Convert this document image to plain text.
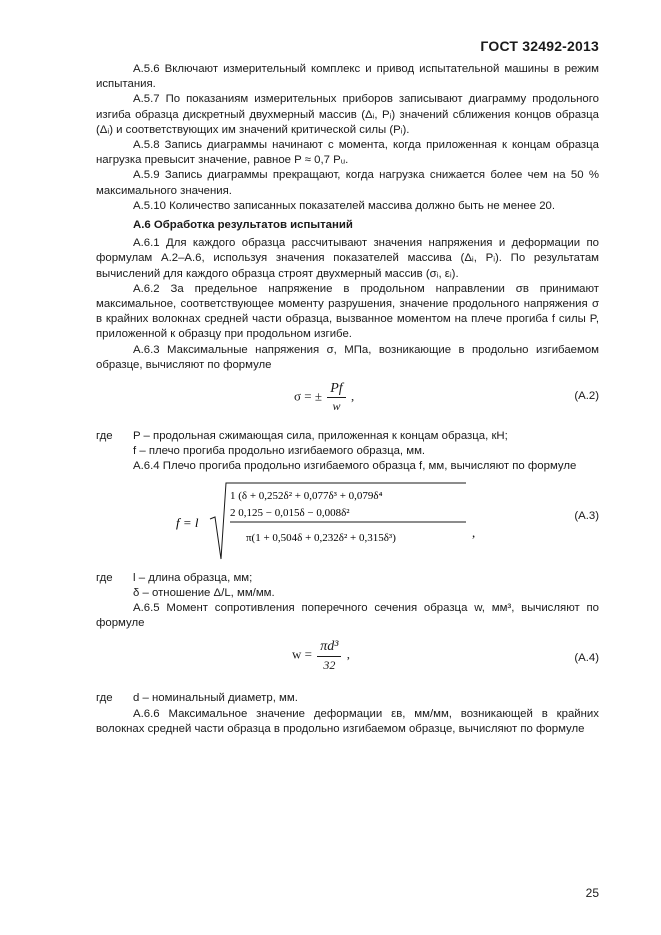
ГОСТ 32492-2013

А.5.6 Включают измерительный комплекс и привод испытательной машины в режим испытания.

А.5.7 По показаниям измерительных приборов записывают диаграмму продольного изгиба образца дискретный двухмерный массив (Δᵢ, Pᵢ) значений сближения концов образца (Δᵢ) и соответствующих им значений критической силы (Pᵢ).

А.5.8 Запись диаграммы начинают с момента, когда приложенная к концам образца нагрузка превысит значение, равное P ≈ 0,7 Pᵤ.

А.5.9 Запись диаграммы прекращают, когда нагрузка снижается более чем на 50 % максимального значения.

А.5.10 Количество записанных показателей массива должно быть не менее 20.

А.6 Обработка результатов испытаний

А.6.1 Для каждого образца рассчитывают значения напряжения и деформации по формулам А.2–А.6, используя значения показателей массива (Δᵢ, Pᵢ). По результатам вычислений для каждого образца строят двухмерный массив (σᵢ, εᵢ).

А.6.2 За предельное напряжение в продольном направлении σв принимают максимальное, соответствующее моменту разрушения, значение продольного напряжения σ в крайних волокнах средней части образца, вызванное моментом на плече прогиба f силы P, приложенной к образцу при продольном изгибе.

А.6.3 Максимальные напряжения σ, МПа, возникающие в продольно изгибаемом образце, вычисляют по формуле

σ = ± $\frac{Pf}{w}$ ,	(А.2)
где P – продольная сжимающая сила, приложенная к концам образца, кН;

f – плечо прогиба продольно изгибаемого образца, мм.

А.6.4 Плечо прогиба продольно изгибаемого образца f, мм, вычисляют по формуле

f = l
1 (δ + 0,252δ² + 0,077δ³ + 0,079δ⁴
2 0,125 − 0,015δ − 0,008δ²
π(1 + 0,504δ + 0,232δ² + 0,315δ³)	,
(А.3)
где l – длина образца, мм;

δ – отношение Δ/L, мм/мм.

А.6.5 Момент сопротивления поперечного сечения образца w, мм³, вычисляют по формуле

$w = \frac{\text{πd³}}{32}$ ,	(А.4)
где d – номинальный диаметр, мм.

А.6.6 Максимальное значение деформации εв, мм/мм, возникающей в крайних волокнах средней части образца в продольно изгибаемом образце, вычисляют по формуле

25
